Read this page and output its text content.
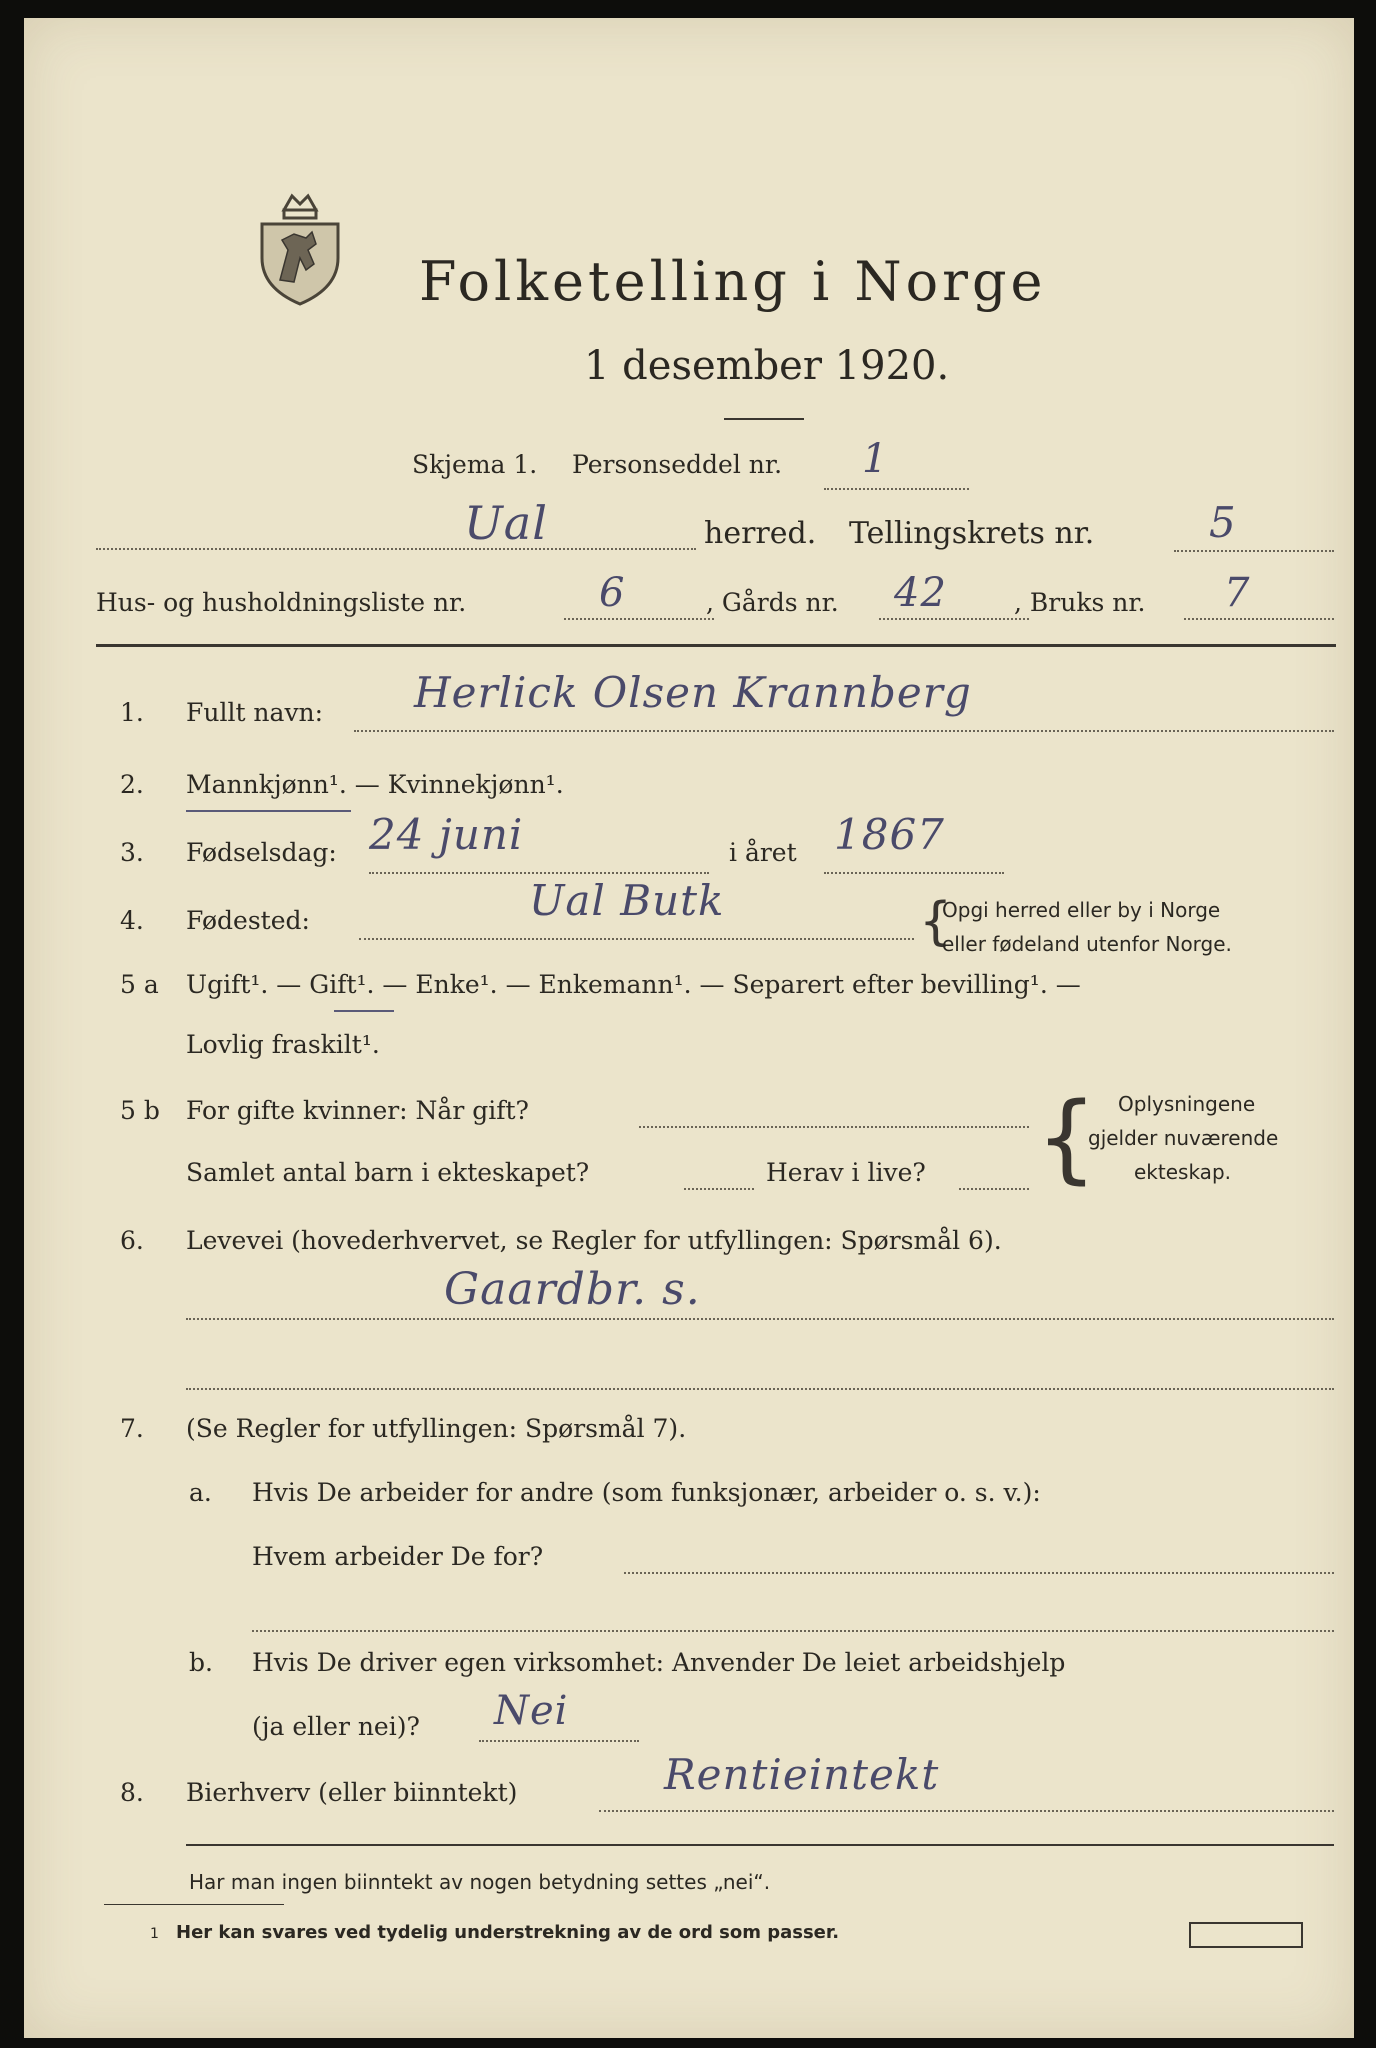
Folketelling i Norge
1 desember 1920.
Skjema 1. Personseddel nr. 1
Ual	herred. Tellingskrets nr.	5
Hus- og husholdningsliste nr.	6	, Gårds nr. 42	, Bruks nr. 7
1. Fullt navn: Herlick Olsen Krannberg
2. Mannkjønn¹. — Kvinnekjønn¹.
3. Fødselsdag: 24 juni	i året 1867
4. Fødested:	Ual Butk	{
Opgi herred eller by i Norge
eller fødeland utenfor Norge.
5 a Ugift¹. — Gift¹. — Enke¹. — Enkemann¹. — Separert efter bevilling¹. —
Lovlig fraskilt¹.
5 b For gifte kvinner: Når gift?
Samlet antal barn i ekteskapet?	Herav i live? { Oplysningene
gjelder nuværende
ekteskap.
6. Levevei (hovederhvervet, se Regler for utfyllingen: Spørsmål 6).
Gaardbr. s.
7. (Se Regler for utfyllingen: Spørsmål 7).
a. Hvis De arbeider for andre (som funksjonær, arbeider o. s. v.):
Hvem arbeider De for?
b. Hvis De driver egen virksomhet: Anvender De leiet arbeidshjelp
(ja eller nei)? Nei
8. Bierhverv (eller biinntekt)	Rentieintekt
Har man ingen biinntekt av nogen betydning settes „nei“.
1 Her kan svares ved tydelig understrekning av de ord som passer.
